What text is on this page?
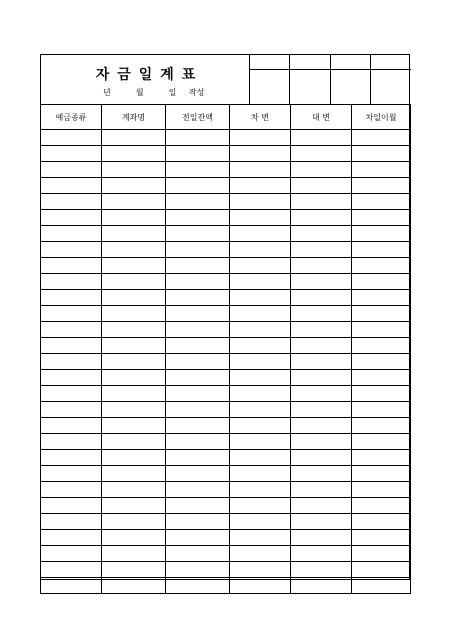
자금일계표
년  월  일 작성
예금종류	계좌명	전일잔액	차 변	대 변	차일이월
